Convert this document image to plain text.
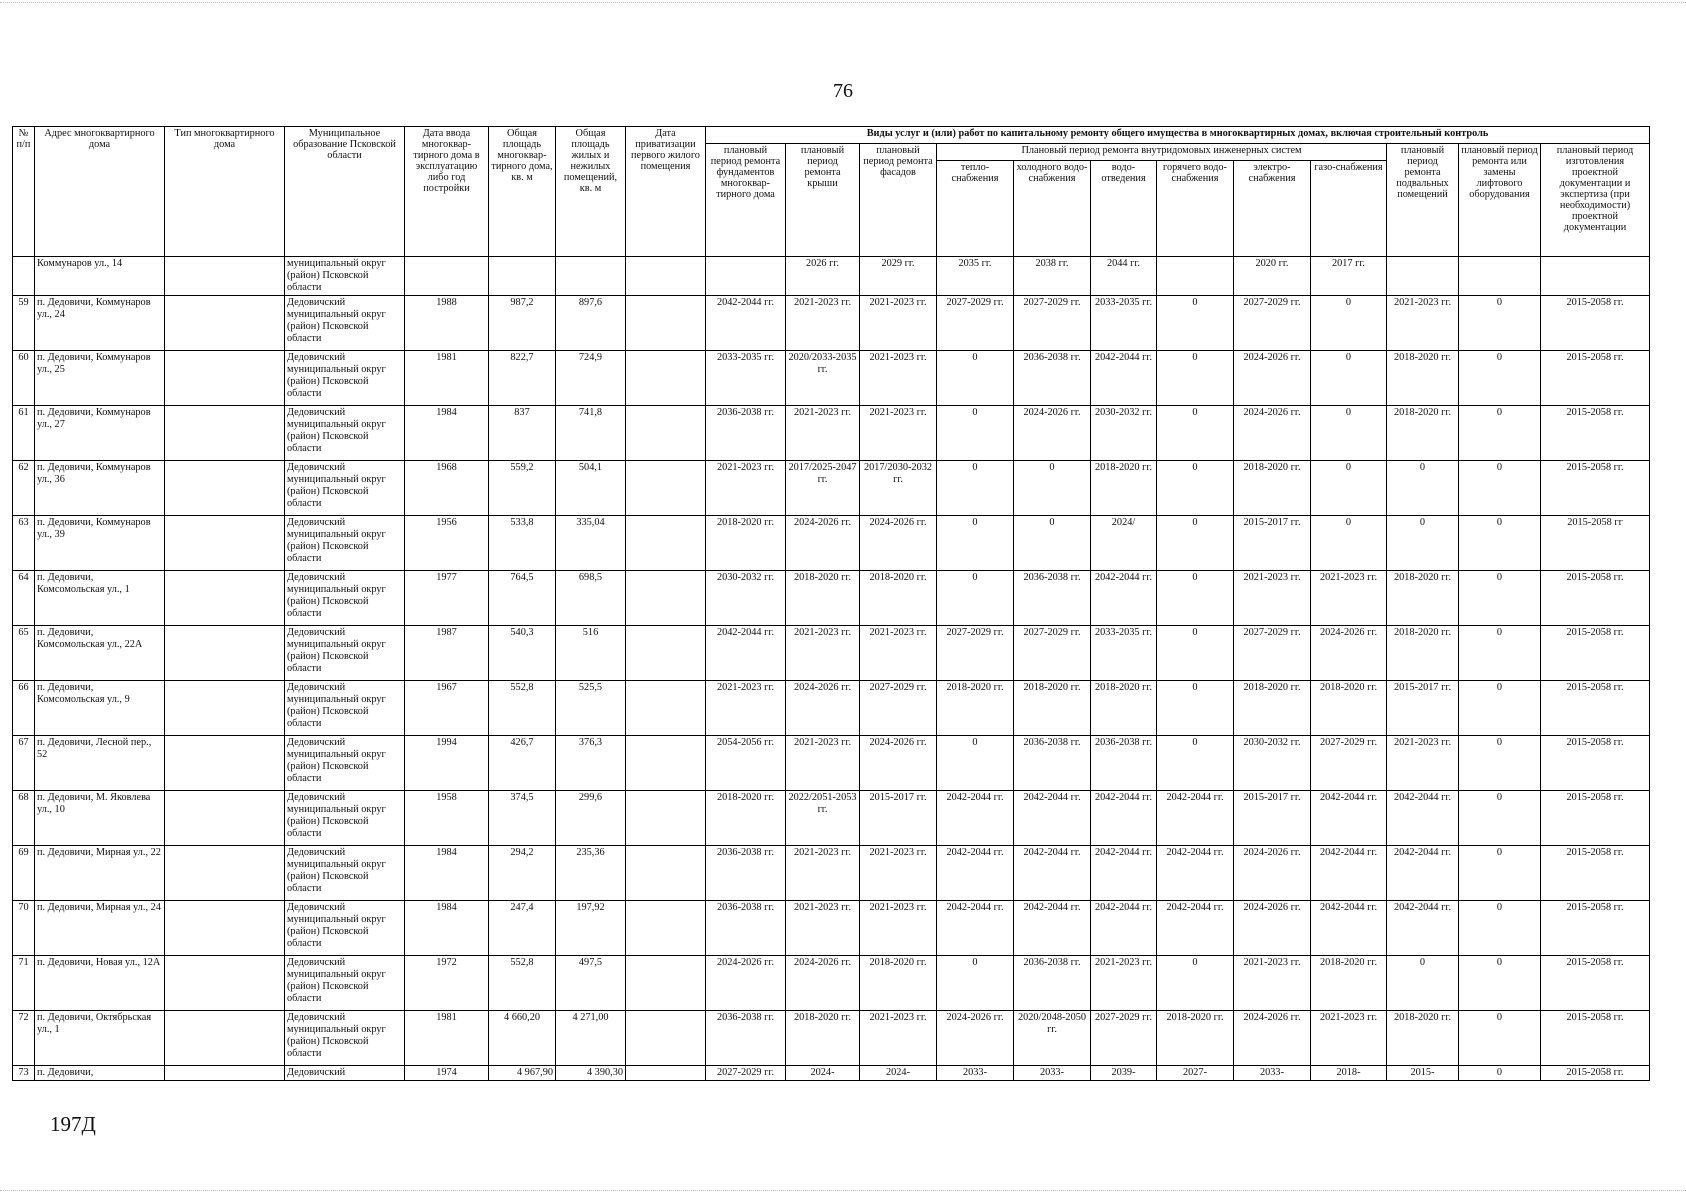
76
№ п/п	Адрес многоквартирного дома	Тип многоквартирного дома	Муниципальное образование Псковской области	Дата ввода многоквар-тирного дома в эксплуатацию либо год постройки	Общая площадь многоквар-тирного дома, кв. м	Общая площадь жилых и нежилых помещений, кв. м	Дата приватизации первого жилого помещения	Виды услуг и (или) работ по капитальному ремонту общего имущества в многоквартирных домах, включая строительный контроль											
								плановый период ремонта фундаментов многоквар-тирного дома	плановый период ремонта крыши	плановый период ремонта фасадов	Плановый период ремонта внутридомовых инженерных систем						плановый период ремонта подвальных помещений	плановый период ремонта или замены лифтового оборудования	плановый период изготовления проектной документации и экспертиза (при необходимости) проектной документации
											тепло-снабжения	холодного водо-снабжения	водо-отведения	горячего водо-снабжения	электро-снабжения	газо-снабжения			
	Коммунаров ул., 14		муниципальный округ (район) Псковской области						2026 гг.	2029 гг.	2035 гг.	2038 гг.	2044 гг.		2020 гг.	2017 гг.			
59	п. Дедовичи, Коммунаров ул., 24		Дедовичский муниципальный округ (район) Псковской области	1988	987,2	897,6		2042-2044 гг.	2021-2023 гг.	2021-2023 гг.	2027-2029 гг.	2027-2029 гг.	2033-2035 гг.	0	2027-2029 гг.	0	2021-2023 гг.	0	2015-2058 гг.
60	п. Дедовичи, Коммунаров ул., 25		Дедовичский муниципальный округ (район) Псковской области	1981	822,7	724,9		2033-2035 гг.	2020/2033-2035 гг.	2021-2023 гг.	0	2036-2038 гг.	2042-2044 гг.	0	2024-2026 гг.	0	2018-2020 гг.	0	2015-2058 гг.
61	п. Дедовичи, Коммунаров ул., 27		Дедовичский муниципальный округ (район) Псковской области	1984	837	741,8		2036-2038 гг.	2021-2023 гг.	2021-2023 гг.	0	2024-2026 гг.	2030-2032 гг.	0	2024-2026 гг.	0	2018-2020 гг.	0	2015-2058 гг.
62	п. Дедовичи, Коммунаров ул., 36		Дедовичский муниципальный округ (район) Псковской области	1968	559,2	504,1		2021-2023 гг.	2017/2025-2047 гг.	2017/2030-2032 гг.	0	0	2018-2020 гг.	0	2018-2020 гг.	0	0	0	2015-2058 гг.
63	п. Дедовичи, Коммунаров ул., 39		Дедовичский муниципальный округ (район) Псковской области	1956	533,8	335,04		2018-2020 гг.	2024-2026 гг.	2024-2026 гг.	0	0	2024/	0	2015-2017 гг.	0	0	0	2015-2058 гг
64	п. Дедовичи, Комсомольская ул., 1		Дедовичский муниципальный округ (район) Псковской области	1977	764,5	698,5		2030-2032 гг.	2018-2020 гг.	2018-2020 гг.	0	2036-2038 гг.	2042-2044 гг.	0	2021-2023 гг.	2021-2023 гг.	2018-2020 гг.	0	2015-2058 гг.
65	п. Дедовичи, Комсомольская ул., 22А		Дедовичский муниципальный округ (район) Псковской области	1987	540,3	516		2042-2044 гг.	2021-2023 гг.	2021-2023 гг.	2027-2029 гг.	2027-2029 гг.	2033-2035 гг.	0	2027-2029 гг.	2024-2026 гг.	2018-2020 гг.	0	2015-2058 гг.
66	п. Дедовичи, Комсомольская ул., 9		Дедовичский муниципальный округ (район) Псковской области	1967	552,8	525,5		2021-2023 гг.	2024-2026 гг.	2027-2029 гг.	2018-2020 гг.	2018-2020 гг.	2018-2020 гг.	0	2018-2020 гг.	2018-2020 гг.	2015-2017 гг.	0	2015-2058 гг.
67	п. Дедовичи, Лесной пер., 52		Дедовичский муниципальный округ (район) Псковской области	1994	426,7	376,3		2054-2056 гг.	2021-2023 гг.	2024-2026 гг.	0	2036-2038 гг.	2036-2038 гг.	0	2030-2032 гг.	2027-2029 гг.	2021-2023 гг.	0	2015-2058 гг.
68	п. Дедовичи, М. Яковлева ул., 10		Дедовичский муниципальный округ (район) Псковской области	1958	374,5	299,6		2018-2020 гг.	2022/2051-2053 гг.	2015-2017 гг.	2042-2044 гг.	2042-2044 гг.	2042-2044 гг.	2042-2044 гг.	2015-2017 гг.	2042-2044 гг.	2042-2044 гг.	0	2015-2058 гг.
69	п. Дедовичи, Мирная ул., 22		Дедовичский муниципальный округ (район) Псковской области	1984	294,2	235,36		2036-2038 гг.	2021-2023 гг.	2021-2023 гг.	2042-2044 гг.	2042-2044 гг.	2042-2044 гг.	2042-2044 гг.	2024-2026 гг.	2042-2044 гг.	2042-2044 гг.	0	2015-2058 гг.
70	п. Дедовичи, Мирная ул., 24		Дедовичский муниципальный округ (район) Псковской области	1984	247,4	197,92		2036-2038 гг.	2021-2023 гг.	2021-2023 гг.	2042-2044 гг.	2042-2044 гг.	2042-2044 гг.	2042-2044 гг.	2024-2026 гг.	2042-2044 гг.	2042-2044 гг.	0	2015-2058 гг.
71	п. Дедовичи, Новая ул., 12А		Дедовичский муниципальный округ (район) Псковской области	1972	552,8	497,5		2024-2026 гг.	2024-2026 гг.	2018-2020 гг.	0	2036-2038 гг.	2021-2023 гг.	0	2021-2023 гг.	2018-2020 гг.	0	0	2015-2058 гг.
72	п. Дедовичи, Октябрьская ул., 1		Дедовичский муниципальный округ (район) Псковской области	1981	4 660,20	4 271,00		2036-2038 гг.	2018-2020 гг.	2021-2023 гг.	2024-2026 гг.	2020/2048-2050 гг.	2027-2029 гг.	2018-2020 гг.	2024-2026 гг.	2021-2023 гг.	2018-2020 гг.	0	2015-2058 гг.
73	п. Дедовичи,		Дедовичский	1974	4 967,90	4 390,30		2027-2029 гг.	2024-	2024-	2033-	2033-	2039-	2027-	2033-	2018-	2015-	0	2015-2058 гг.
197Д
